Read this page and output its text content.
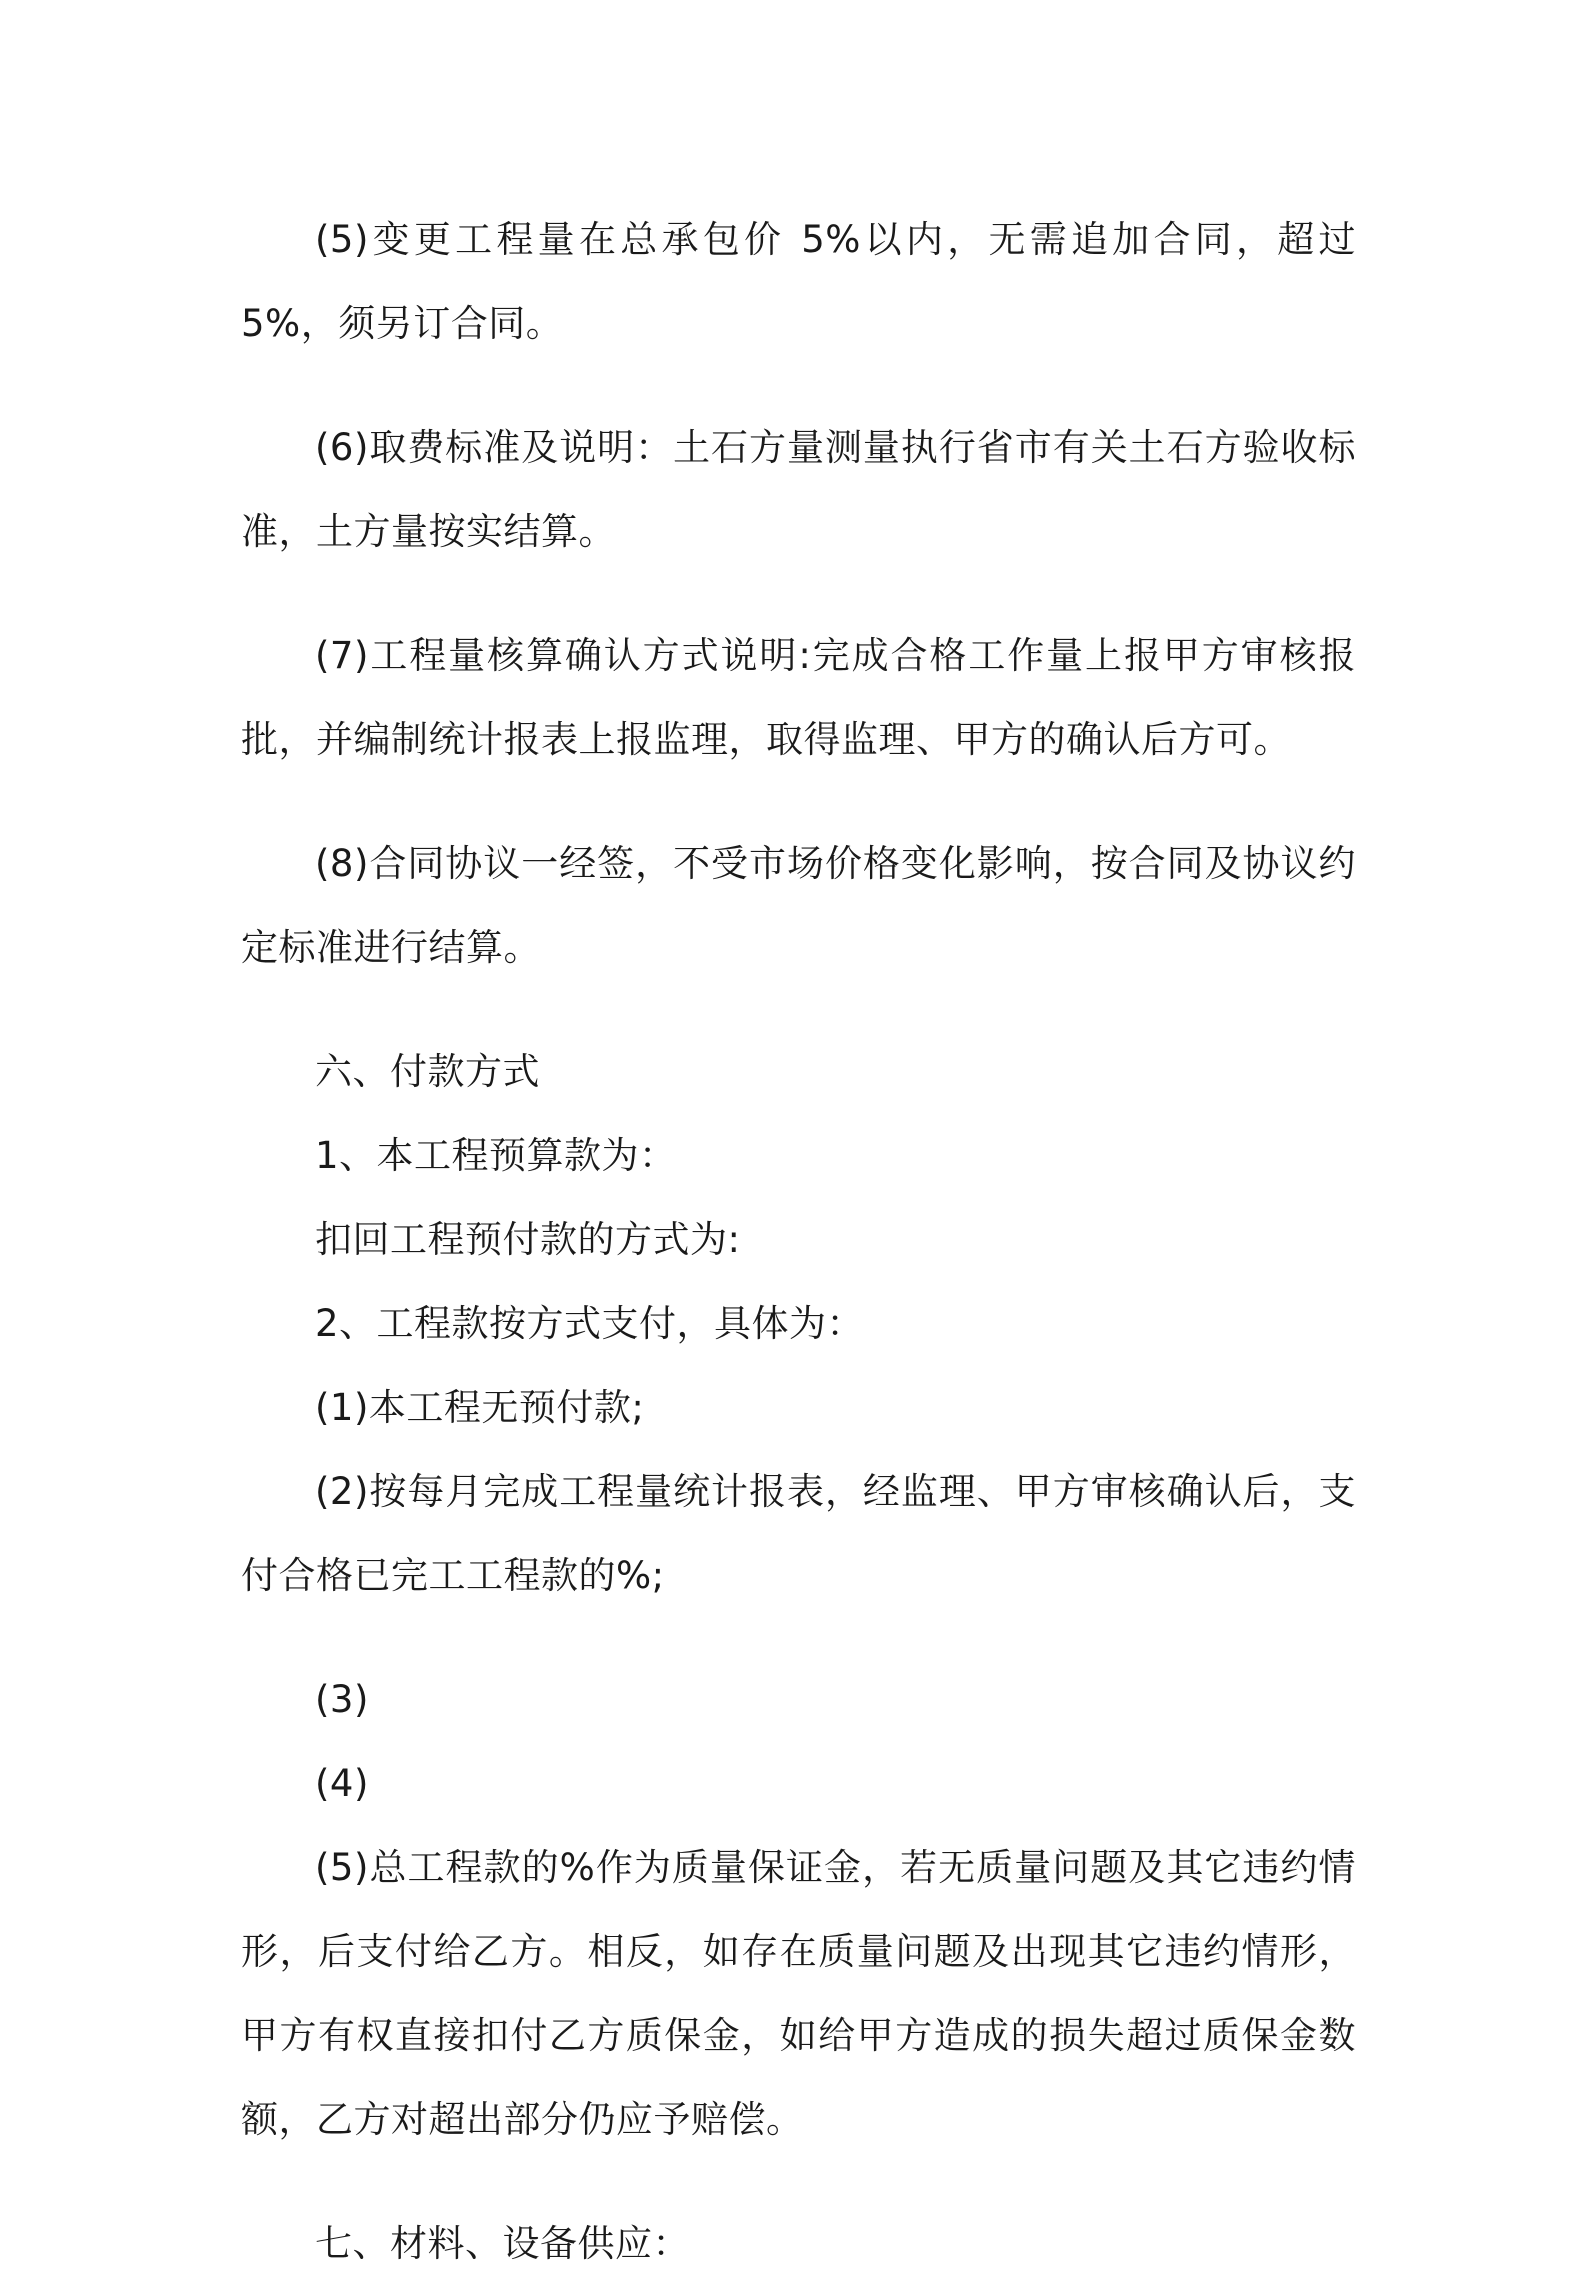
(5)变更工程量在总承包价 5%以内，无需追加合同，超过 5%，须另订合同。

(6)取费标准及说明：土石方量测量执行省市有关土石方验收标准，土方量按实结算。

(7)工程量核算确认方式说明:完成合格工作量上报甲方审核报批，并编制统计报表上报监理，取得监理、甲方的确认后方可。

(8)合同协议一经签，不受市场价格变化影响，按合同及协议约定标准进行结算。

六、付款方式

1、本工程预算款为：

扣回工程预付款的方式为:

2、工程款按方式支付，具体为：

(1)本工程无预付款;

(2)按每月完成工程量统计报表，经监理、甲方审核确认后，支付合格已完工工程款的%;

(3)

(4)

(5)总工程款的%作为质量保证金，若无质量问题及其它违约情形，后支付给乙方。相反，如存在质量问题及出现其它违约情形，甲方有权直接扣付乙方质保金，如给甲方造成的损失超过质保金数额，乙方对超出部分仍应予赔偿。

七、材料、设备供应：
